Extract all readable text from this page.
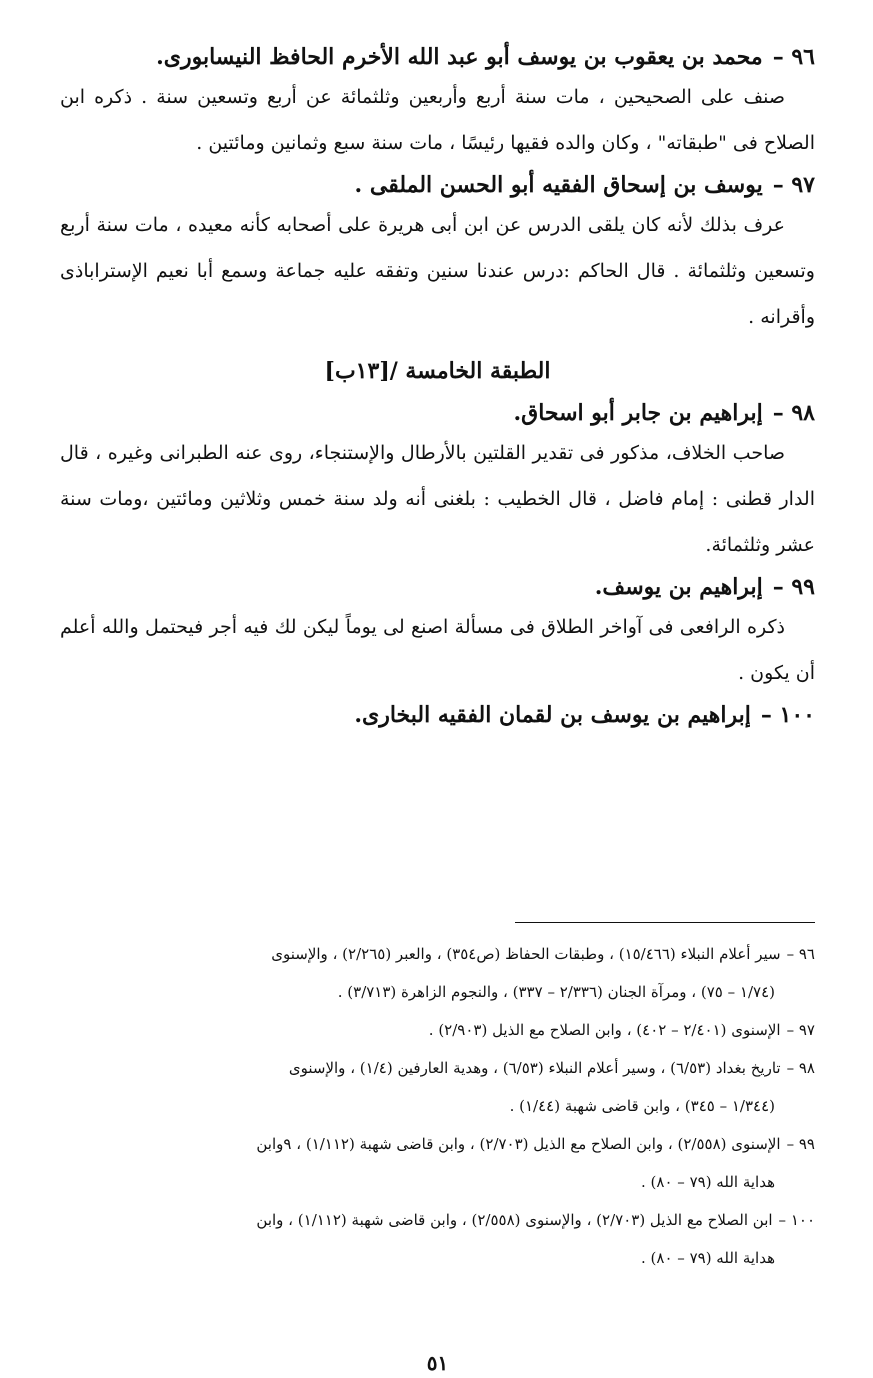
٩٦ –محمد بن يعقوب بن يوسف أبو عبد الله الأخرم الحافظ النيسابورى.

صنف على الصحيحين ، مات سنة أربع وأربعين وثلثمائة عن أربع وتسعين سنة . ذكره ابن الصلاح فى "طبقاته" ، وكان والده فقيها رئيسًا ، مات سنة سبع وثمانين ومائتين .

٩٧ –يوسف بن إسحاق الفقيه أبو الحسن الملقى .

عرف بذلك لأنه كان يلقى الدرس عن ابن أبى هريرة على أصحابه كأنه معيده ، مات سنة أربع وتسعين وثلثمائة . قال الحاكم :درس عندنا سنين وتفقه عليه جماعة وسمع أبا نعيم الإستراباذى وأقرانه .

الطبقة الخامسة /[١٣ب]
٩٨ –إبراهيم بن جابر أبو اسحاق.

صاحب الخلاف، مذكور فى تقدير القلتين بالأرطال والإستنجاء، روى عنه الطبرانى وغيره ، قال الدار قطنى : إمام فاضل ، قال الخطيب : بلغنى أنه ولد سنة خمس وثلاثين ومائتين ،ومات سنة عشر وثلثمائة.

٩٩ –إبراهيم بن يوسف.

ذكره الرافعى فى آواخر الطلاق فى مسألة اصنع لى يوماً ليكن لك فيه أجر فيحتمل والله أعلم أن يكون .

١٠٠ –إبراهيم بن يوسف بن لقمان الفقيه البخارى.

٩٦ –سير أعلام النبلاء (١٥/٤٦٦) ، وطبقات الحفاظ (ص٣٥٤) ، والعبر (٢/٢٦٥) ، والإسنوى
(١/٧٤ – ٧٥) ، ومرآة الجنان (٢/٣٣٦ – ٣٣٧) ، والنجوم الزاهرة (٣/٧١٣) .

٩٧ –الإسنوى (٢/٤٠١ – ٤٠٢) ، وابن الصلاح مع الذيل (٢/٩٠٣) .

٩٨ –تاريخ بغداد (٦/٥٣) ، وسير أعلام النبلاء (٦/٥٣) ، وهدية العارفين (١/٤) ، والإسنوى
(١/٣٤٤ – ٣٤٥) ، وابن قاضى شهبة (١/٤٤) .

٩٩ –الإسنوى (٢/٥٥٨) ، وابن الصلاح مع الذيل (٢/٧٠٣) ، وابن قاضى شهبة (١/١١٢) ، ٩وابن
هداية الله (٧٩ – ٨٠) .

١٠٠ –ابن الصلاح مع الذيل (٢/٧٠٣) ، والإسنوى (٢/٥٥٨) ، وابن قاضى شهبة (١/١١٢) ، وابن
هداية الله (٧٩ – ٨٠) .

٥١
